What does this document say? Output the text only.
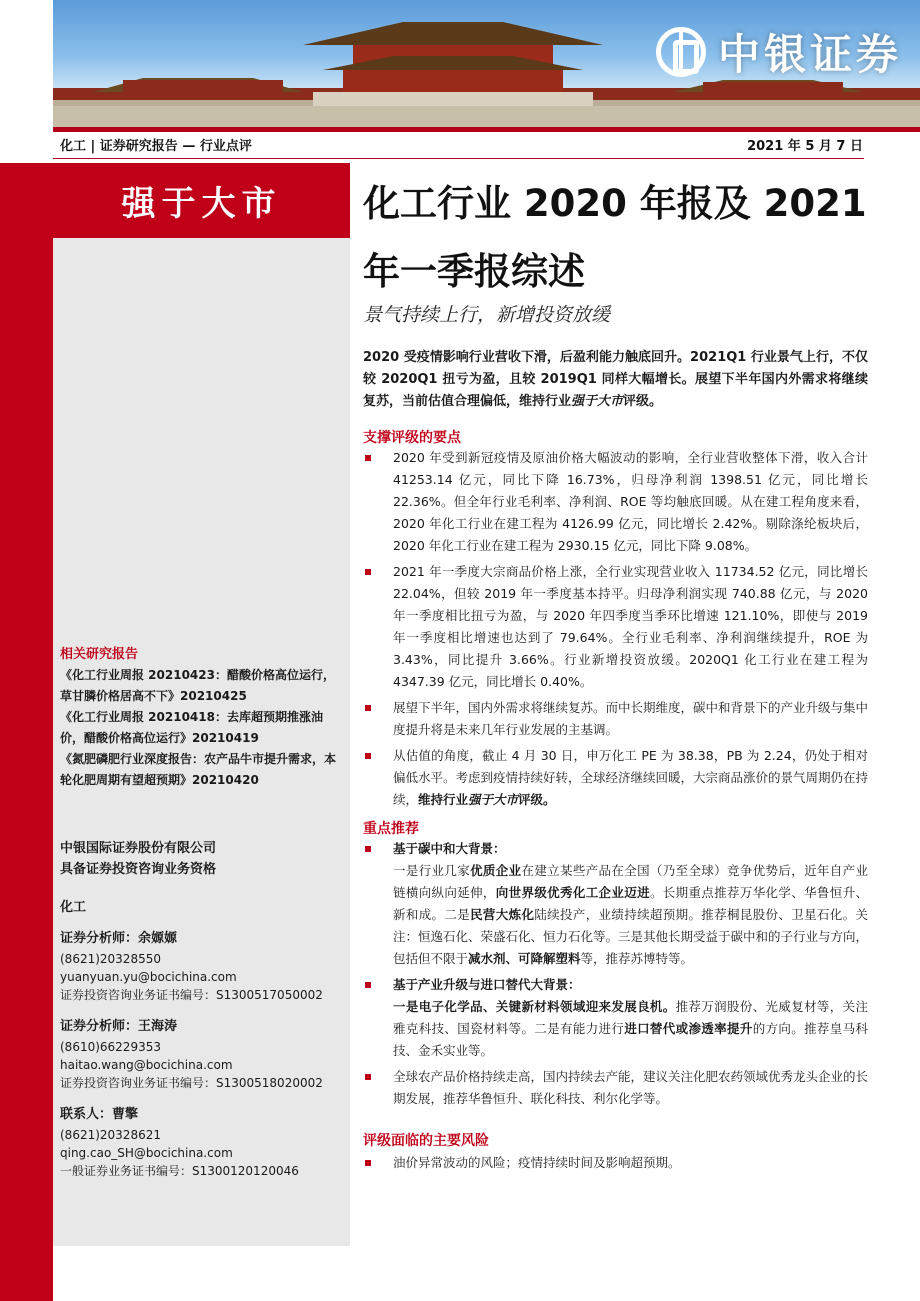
中银证券
化工 | 证券研究报告 — 行业点评	2021 年 5 月 7 日
强于大市 化工行业 2020 年报及 2021
年一季报综述
景气持续上行，新增投资放缓
2020 受疫情影响行业营收下滑，后盈利能力触底回升。2021Q1 行业景气上行，不仅较 2020Q1 扭亏为盈，且较 2019Q1 同样大幅增长。展望下半年国内外需求将继续复苏，当前估值合理偏低，维持行业强于大市评级。
支撑评级的要点
2020 年受到新冠疫情及原油价格大幅波动的影响，全行业营收整体下滑，收入合计 41253.14 亿元，同比下降 16.73%，归母净利润 1398.51 亿元，同比增长 22.36%。但全年行业毛利率、净利润、ROE 等均触底回暖。从在建工程角度来看，2020 年化工行业在建工程为 4126.99 亿元，同比增长 2.42%。剔除涤纶板块后，2020 年化工行业在建工程为 2930.15 亿元，同比下降 9.08%。
2021 年一季度大宗商品价格上涨，全行业实现营业收入 11734.52 亿元，同比增长 22.04%，但较 2019 年一季度基本持平。归母净利润实现 740.88 亿元，与 2020 年一季度相比扭亏为盈，与 2020 年四季度当季环比增速 121.10%，即使与 2019 年一季度相比增速也达到了 79.64%。全行业毛利率、净利润继续提升，ROE 为 3.43%，同比提升 3.66%。行业新增投资放缓。2020Q1 化工行业在建工程为 4347.39 亿元，同比增长 0.40%。
展望下半年，国内外需求将继续复苏。而中长期维度，碳中和背景下的产业升级与集中度提升将是未来几年行业发展的主基调。
从估值的角度，截止 4 月 30 日，申万化工 PE 为 38.38，PB 为 2.24，仍处于相对偏低水平。考虑到疫情持续好转，全球经济继续回暖，大宗商品涨价的景气周期仍在持续，维持行业强于大市评级。
重点推荐
基于碳中和大背景：
一是行业几家优质企业在建立某些产品在全国（乃至全球）竞争优势后，近年自产业链横向纵向延伸，向世界级优秀化工企业迈进。长期重点推荐万华化学、华鲁恒升、新和成。二是民营大炼化陆续投产，业绩持续超预期。推荐桐昆股份、卫星石化。关注：恒逸石化、荣盛石化、恒力石化等。三是其他长期受益于碳中和的子行业与方向，包括但不限于减水剂、可降解塑料等，推荐苏博特等。
基于产业升级与进口替代大背景：
一是电子化学品、关键新材料领域迎来发展良机。推荐万润股份、光威复材等，关注雅克科技、国瓷材料等。二是有能力进行进口替代或渗透率提升的方向。推荐皇马科技、金禾实业等。
全球农产品价格持续走高，国内持续去产能，建议关注化肥农药领域优秀龙头企业的长期发展，推荐华鲁恒升、联化科技、利尔化学等。
评级面临的主要风险
油价异常波动的风险；疫情持续时间及影响超预期。
相关研究报告
《化工行业周报 20210423：醋酸价格高位运行，草甘膦价格居高不下》20210425
《化工行业周报 20210418：去库超预期推涨油价，醋酸价格高位运行》20210419
《氮肥磷肥行业深度报告：农产品牛市提升需求，本轮化肥周期有望超预期》20210420
中银国际证券股份有限公司
具备证券投资咨询业务资格
化工
证券分析师：余嫄嫄
(8621)20328550
yuanyuan.yu@bocichina.com
证券投资咨询业务证书编号：S1300517050002
证券分析师：王海涛
(8610)66229353
haitao.wang@bocichina.com
证券投资咨询业务证书编号：S1300518020002
联系人：曹擎
(8621)20328621
qing.cao_SH@bocichina.com
一般证券业务证书编号：S1300120120046
